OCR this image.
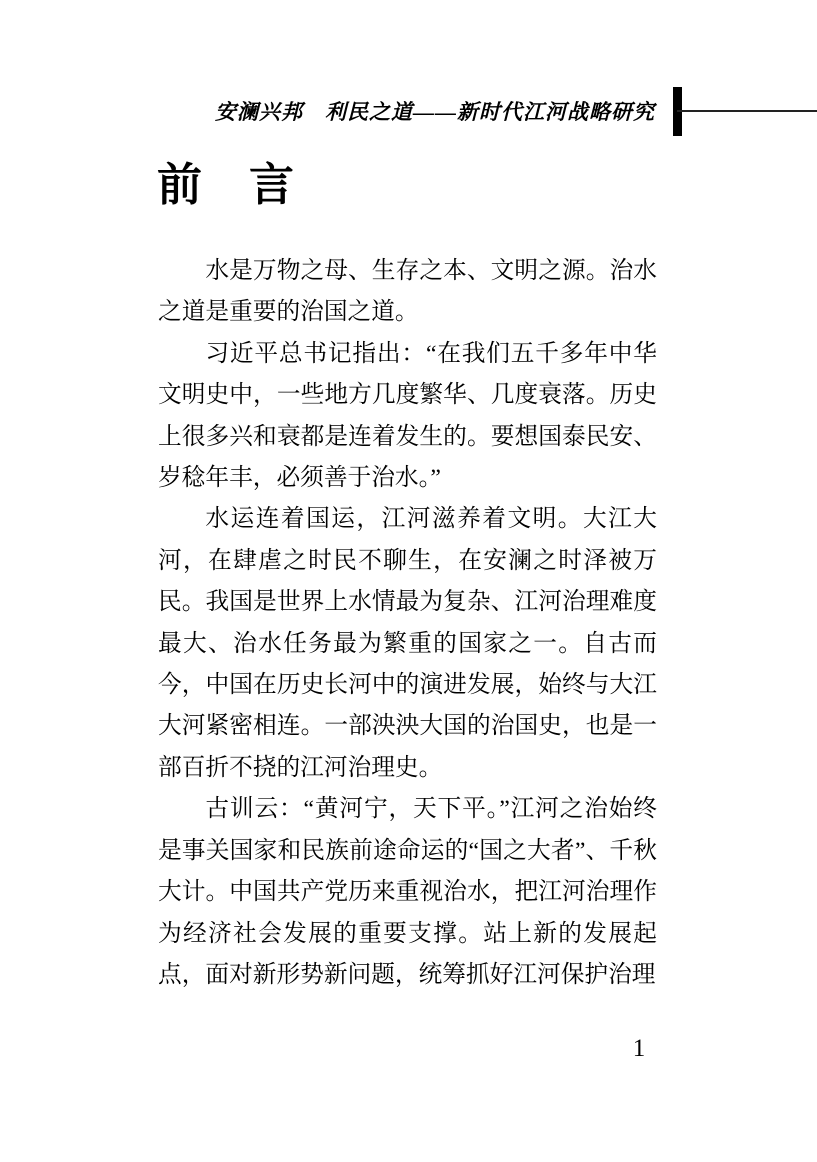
安澜兴邦　利民之道——新时代江河战略研究
前　言

水是万物之母、生存之本、文明之源。治水之道是重要的治国之道。

习近平总书记指出：“在我们五千多年中华文明史中，一些地方几度繁华、几度衰落。历史上很多兴和衰都是连着发生的。要想国泰民安、岁稔年丰，必须善于治水。”

水运连着国运，江河滋养着文明。大江大河，在肆虐之时民不聊生，在安澜之时泽被万民。我国是世界上水情最为复杂、江河治理难度最大、治水任务最为繁重的国家之一。自古而今，中国在历史长河中的演进发展，始终与大江大河紧密相连。一部泱泱大国的治国史，也是一部百折不挠的江河治理史。

古训云：“黄河宁，天下平。”江河之治始终是事关国家和民族前途命运的“国之大者”、千秋大计。中国共产党历来重视治水，把江河治理作为经济社会发展的重要支撑。站上新的发展起点，面对新形势新问题，统筹抓好江河保护治理

1
